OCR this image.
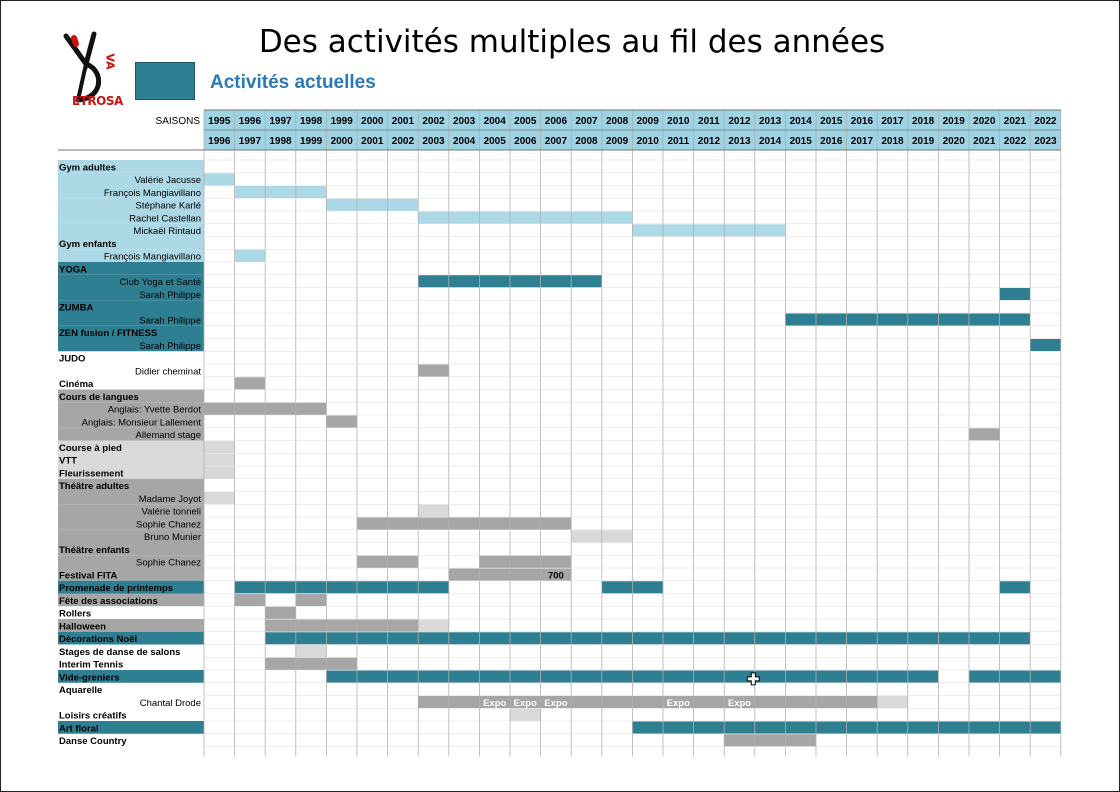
VA
ETROSA
Des activités multiples au fil des années
Activités actuelles
SAISONS 1995 1996 1997 1998 1999 2000 2001 2002 2003 2004 2005 2006 2007 2008 2009 2010 2011 2012 2013 2014 2015 2016 2017 2018 2019 2020 2021 2022
1996 1997 1998 1999 2000 2001 2002 2003 2004 2005 2006 2007 2008 2009 2010 2011 2012 2013 2014 2015 2016 2017 2018 2019 2020 2021 2022 2023
Gym adultes
Valérie Jacusse
François Mangiavillano
Stéphane Karlé
Rachel Castellan
Mickaël Rintaud
Gym enfants
François Mangiavillano
YOGA
Club Yoga et Santé
Sarah Philippe
ZUMBA
Sarah Philippe
ZEN fusion / FITNESS
Sarah Philippe
JUDO
Didier cheminat
Cinéma
Cours de langues
Anglais: Yvette Berdot
Anglais: Monsieur Lallement
Allemand stage
Course à pied
VTT
Fleurissement
Théâtre adultes
Madame Joyot
Valérie tonneli
Sophie Chanez
Bruno Munier
Théâtre enfants
Sophie Chanez
Festival FITA
Promenade de printemps
Fête des associations
Rollers
Halloween
Décorations Noël
Stages de danse de salons
Interim Tennis
Vide-greniers
Aquarelle
Chantal Drode
Loisirs créatifs
Art floral
Danse Country
700
Expo Expo Expo	Expo	Expo
